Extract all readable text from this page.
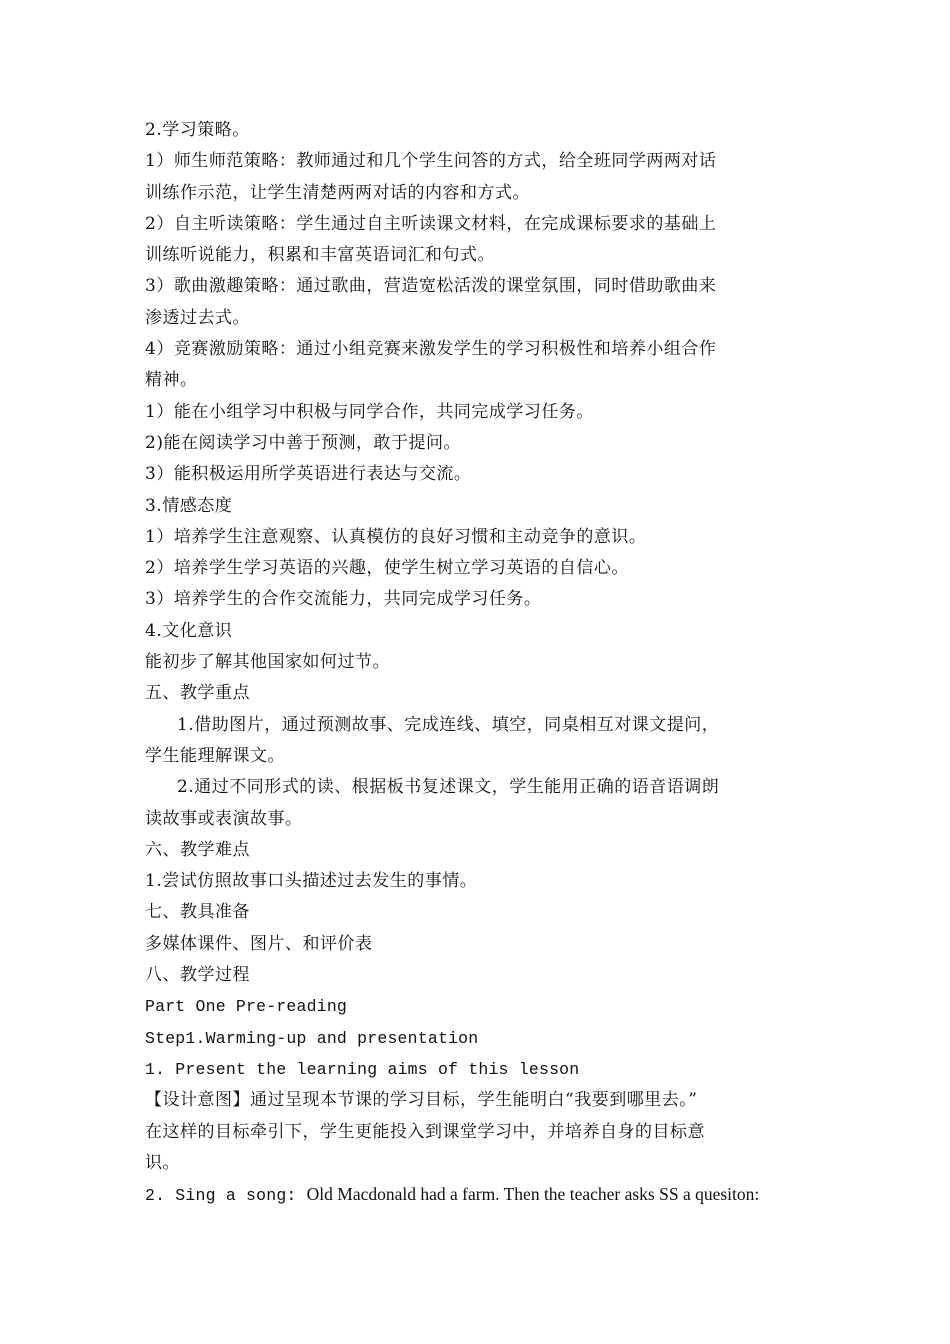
2.学习策略。
1）师生师范策略：教师通过和几个学生问答的方式，给全班同学两两对话
训练作示范，让学生清楚两两对话的内容和方式。
2）自主听读策略：学生通过自主听读课文材料，在完成课标要求的基础上
训练听说能力，积累和丰富英语词汇和句式。
3）歌曲激趣策略：通过歌曲，营造宽松活泼的课堂氛围，同时借助歌曲来
渗透过去式。
4）竞赛激励策略：通过小组竞赛来激发学生的学习积极性和培养小组合作
精神。
1）能在小组学习中积极与同学合作，共同完成学习任务。
2)能在阅读学习中善于预测，敢于提问。
3）能积极运用所学英语进行表达与交流。
3.情感态度
1）培养学生注意观察、认真模仿的良好习惯和主动竞争的意识。
2）培养学生学习英语的兴趣，使学生树立学习英语的自信心。
3）培养学生的合作交流能力，共同完成学习任务。
4.文化意识
能初步了解其他国家如何过节。
五、教学重点
1.借助图片，通过预测故事、完成连线、填空，同桌相互对课文提问，
学生能理解课文。
2.通过不同形式的读、根据板书复述课文，学生能用正确的语音语调朗
读故事或表演故事。
六、教学难点
1.尝试仿照故事口头描述过去发生的事情。
七、教具准备
多媒体课件、图片、和评价表
八、教学过程
Part One Pre-reading
Step1.Warming-up and presentation
1. Present the learning aims of this lesson
【设计意图】通过呈现本节课的学习目标，学生能明白“我要到哪里去。”
在这样的目标牵引下，学生更能投入到课堂学习中，并培养自身的目标意
识。
2. Sing a song: Old Macdonald had a farm. Then the teacher asks SS a quesiton:
